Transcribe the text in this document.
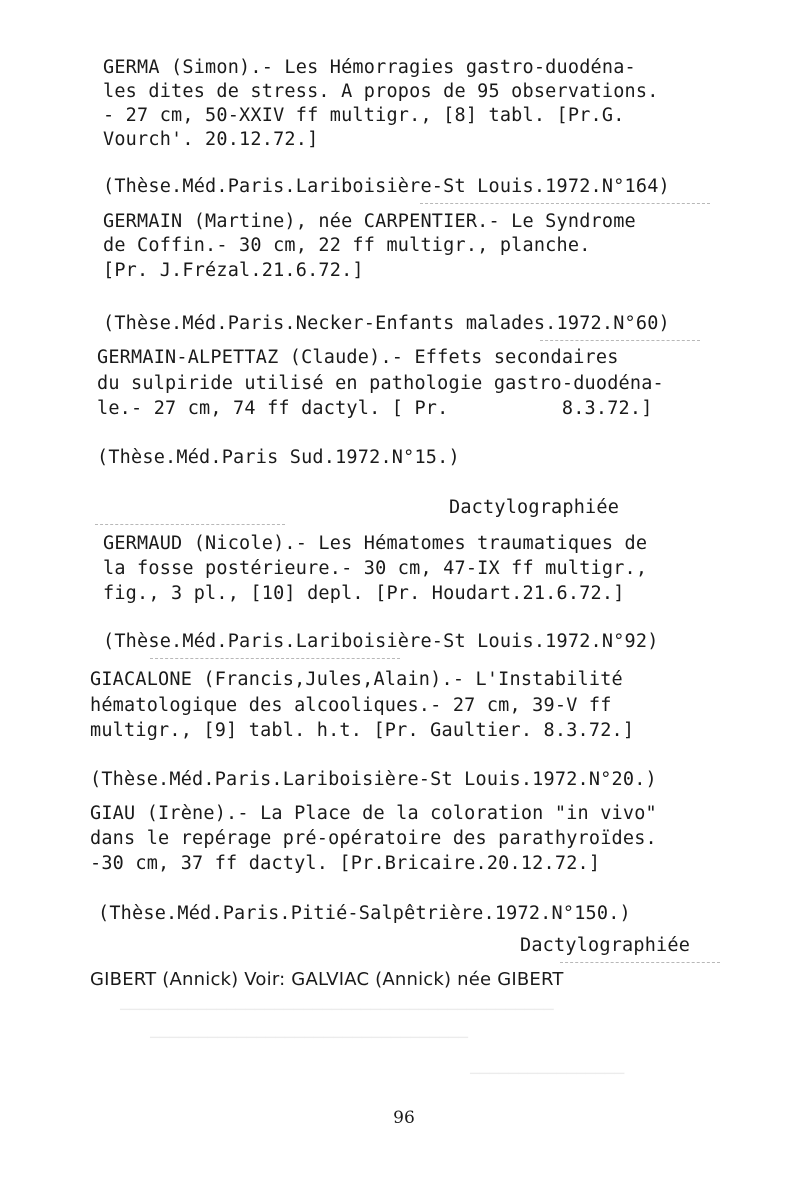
─────────────────────────────────────────────
─────────────────────────────────
────────────────
GERMA (Simon).- Les Hémorragies gastro-duodéna-
les dites de stress. A propos de 95 observations.
- 27 cm, 50-XXIV ff multigr., [8] tabl. [Pr.G.
Vourch'. 20.12.72.]
(Thèse.Méd.Paris.Lariboisière-St Louis.1972.N°164)
GERMAIN (Martine), née CARPENTIER.- Le Syndrome
de Coffin.- 30 cm, 22 ff multigr., planche.
[Pr. J.Frézal.21.6.72.]
(Thèse.Méd.Paris.Necker-Enfants malades.1972.N°60)
GERMAIN-ALPETTAZ (Claude).- Effets secondaires
du sulpiride utilisé en pathologie gastro-duodéna-
le.- 27 cm, 74 ff dactyl. [ Pr.          8.3.72.]
(Thèse.Méd.Paris Sud.1972.N°15.)
Dactylographiée
GERMAUD (Nicole).- Les Hématomes traumatiques de
la fosse postérieure.- 30 cm, 47-IX ff multigr.,
fig., 3 pl., [10] depl. [Pr. Houdart.21.6.72.]
(Thèse.Méd.Paris.Lariboisière-St Louis.1972.N°92)
GIACALONE (Francis,Jules,Alain).- L'Instabilité
hématologique des alcooliques.- 27 cm, 39-V ff
multigr., [9] tabl. h.t. [Pr. Gaultier. 8.3.72.]
(Thèse.Méd.Paris.Lariboisière-St Louis.1972.N°20.)
GIAU (Irène).- La Place de la coloration "in vivo"
dans le repérage pré-opératoire des parathyroïdes.
-30 cm, 37 ff dactyl. [Pr.Bricaire.20.12.72.]
(Thèse.Méd.Paris.Pitié-Salpêtrière.1972.N°150.)
Dactylographiée
GIBERT (Annick) Voir: GALVIAC (Annick) née GIBERT
96
